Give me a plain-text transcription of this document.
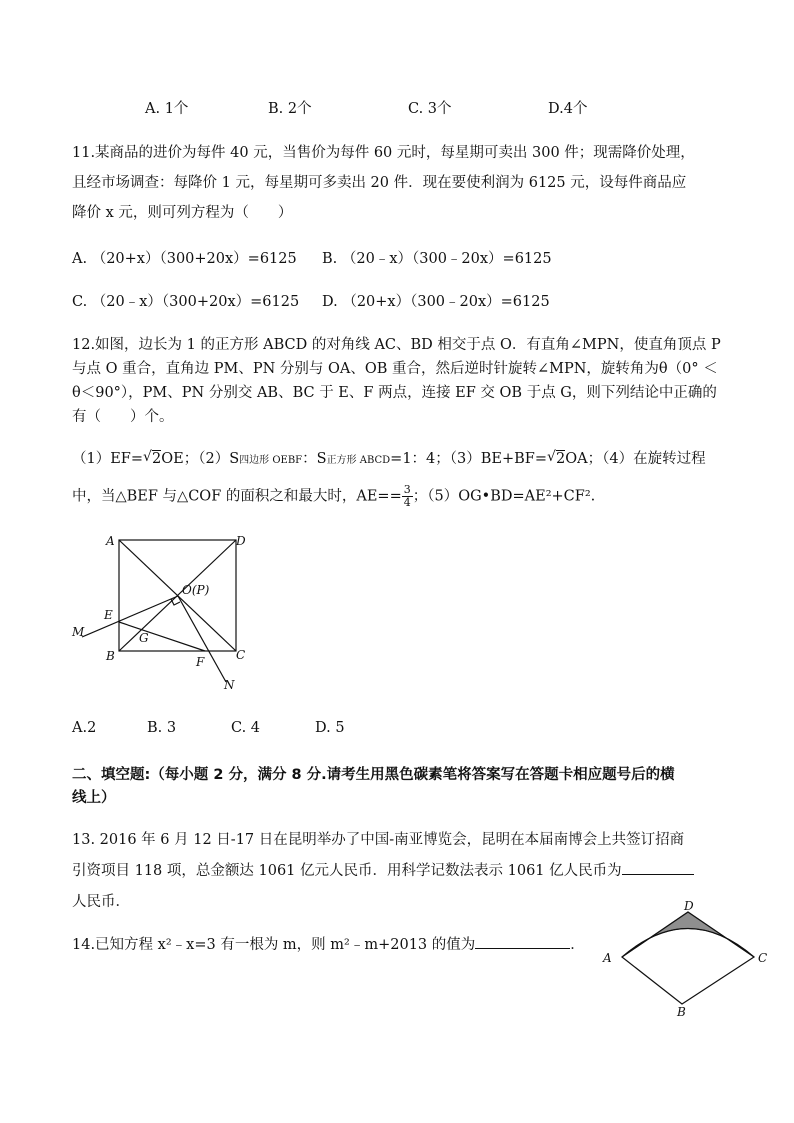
A. 1个	B. 2个	C. 3个	D.4个
11.某商品的进价为每件 40 元，当售价为每件 60 元时，每星期可卖出 300 件；现需降价处理，
且经市场调查：每降价 1 元，每星期可多卖出 20 件．现在要使利润为 6125 元，设每件商品应
降价 x 元，则可列方程为（　　）
A. （20+x）（300+20x）=6125 B. （20﹣x）（300﹣20x）=6125
C. （20﹣x）（300+20x）=6125 D. （20+x）（300﹣20x）=6125
12.如图，边长为 1 的正方形 ABCD 的对角线 AC、BD 相交于点 O．有直角∠MPN，使直角顶点 P
与点 O 重合，直角边 PM、PN 分别与 OA、OB 重合，然后逆时针旋转∠MPN，旋转角为θ（0° ＜
θ＜90°），PM、PN 分别交 AB、BC 于 E、F 两点，连接 EF 交 OB 于点 G，则下列结论中正确的
有（　　）个。
（1）EF= √ 2OE；（2）S四边形 OEBF：S正方形 ABCD=1：4；（3）BE+BF= √ 2OA；（4）在旋转过程
中，当△BEF 与△COF 的面积之和最大时，$AE== \frac{3}{4}$ ；（5）OG•BD=AE²+CF².
A	D
O(P)
E
M	G
B	F	C
N
A.2	B. 3	C. 4	D. 5
二、填空题:（每小题 2 分，满分 8 分.请考生用黑色碳素笔将答案写在答题卡相应题号后的横
线上）
13. 2016 年 6 月 12 日-17 日在昆明举办了中国-南亚博览会，昆明在本届南博会上共签订招商
引资项目 118 项，总金额达 1061 亿元人民币．用科学记数法表示 1061 亿人民币为
人民币．
14.已知方程 x²﹣x=3 有一根为 m，则 m²﹣m+2013 的值为	．
D
A	C
B
